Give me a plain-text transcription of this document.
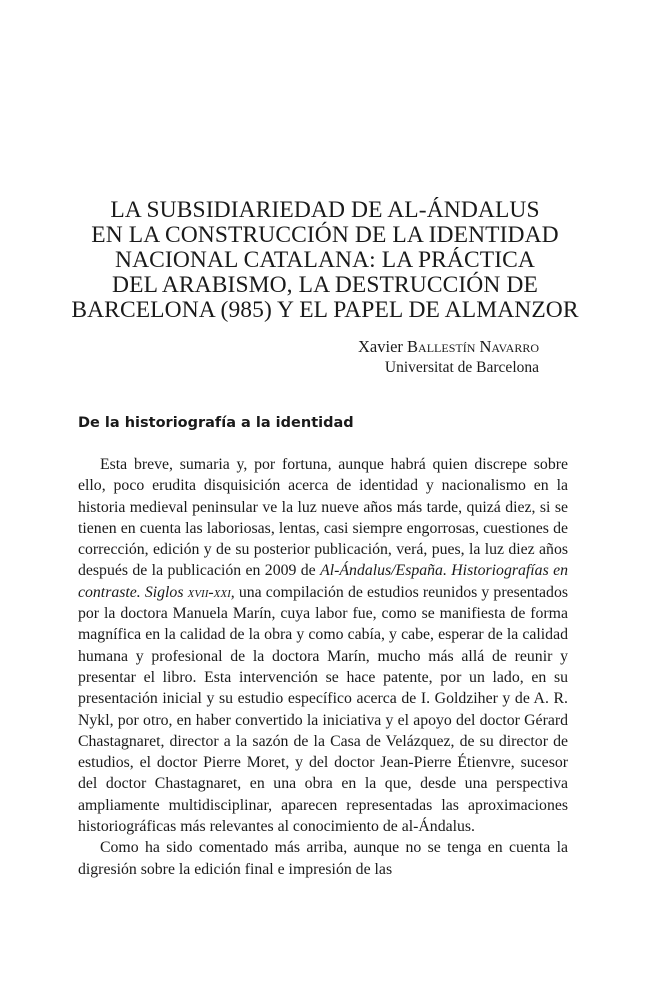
LA SUBSIDIARIEDAD DE AL-ÁNDALUS
EN LA CONSTRUCCIÓN DE LA IDENTIDAD
NACIONAL CATALANA: LA PRÁCTICA
DEL ARABISMO, LA DESTRUCCIÓN DE
BARCELONA (985) Y EL PAPEL DE ALMANZOR

Xavier Ballestín Navarro

Universitat de Barcelona

De la historiografía a la identidad

Esta breve, sumaria y, por fortuna, aunque habrá quien discrepe sobre ello, poco erudita disquisición acerca de identidad y nacionalismo en la historia medieval peninsular ve la luz nueve años más tarde, quizá diez, si se tienen en cuenta las laboriosas, lentas, casi siempre engorrosas, cuestiones de corrección, edición y de su posterior publicación, verá, pues, la luz diez años después de la publicación en 2009 de Al-Ándalus/España. Historiografías en contraste. Siglos xvii-xxi, una compilación de estudios reunidos y presentados por la doctora Manuela Marín, cuya labor fue, como se manifiesta de forma magnífica en la calidad de la obra y como cabía, y cabe, esperar de la calidad humana y profesional de la doctora Marín, mucho más allá de reunir y presentar el libro. Esta intervención se hace patente, por un lado, en su presentación inicial y su estudio específico acerca de I. Goldziher y de A. R. Nykl, por otro, en haber convertido la iniciativa y el apoyo del doctor Gérard Chastagnaret, director a la sazón de la Casa de Velázquez, de su director de estudios, el doctor Pierre Moret, y del doctor Jean-Pierre Étienvre, sucesor del doctor Chastagnaret, en una obra en la que, desde una perspectiva ampliamente multidisciplinar, aparecen representadas las aproximaciones historiográficas más relevantes al conocimiento de al-Ándalus.

Como ha sido comentado más arriba, aunque no se tenga en cuenta la digresión sobre la edición final e impresión de las
